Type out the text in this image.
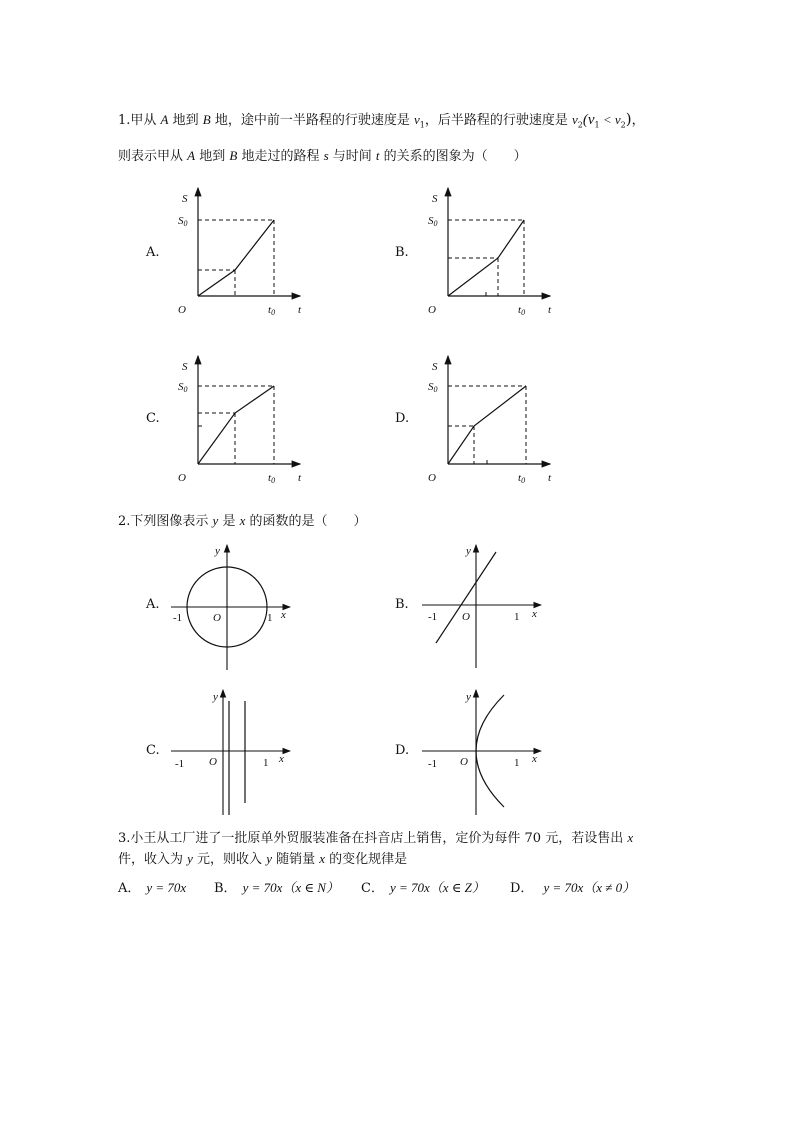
1.甲从 A 地到 B 地，途中前一半路程的行驶速度是 $v_1$，后半路程的行驶速度是 $v_2(v_1 < v_2)$，
则表示甲从 A 地到 B 地走过的路程 s 与时间 t 的关系的图象为（　　）
A.	B.
C.	D.
S
S0
O	t0 t
S
S0
O	t0 t
S
S0
O	t0 t
S
S0
O	t0 t
2.下列图像表示 y 是 x 的函数的是（　　）
A.	B.
C.	D.
y
-1	O	1 x
y
-1 O	1 x
y
-1 O	1 x
y
-1 O	1 x
3.小王从工厂进了一批原单外贸服装准备在抖音店上销售，定价为每件 70 元，若设售出 x
件，收入为 y 元，则收入 y 随销量 x 的变化规律是
A． y = 70x B． y = 70x（x ∈ N） C． y = 70x（x ∈ Z） D． y = 70x（x ≠ 0）
